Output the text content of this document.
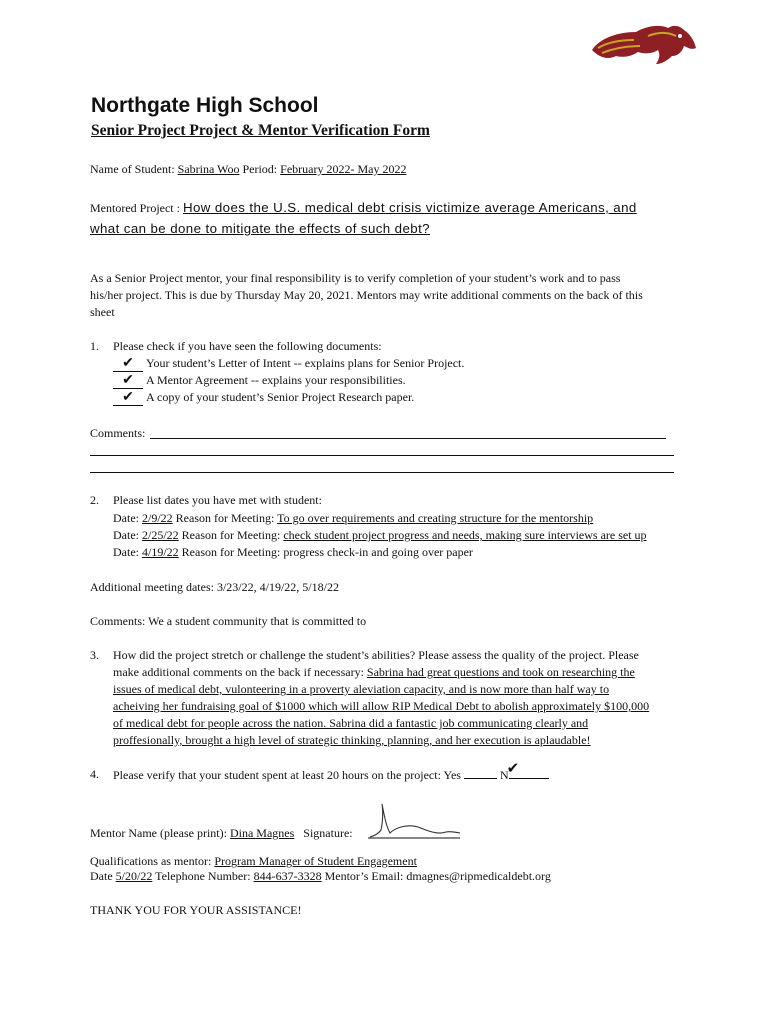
Northgate High School
Senior Project Project & Mentor Verification Form
Name of Student: Sabrina Woo Period: February 2022- May 2022
Mentored Project : How does the U.S. medical debt crisis victimize average Americans, and
what can be done to mitigate the effects of such debt?
As a Senior Project mentor, your final responsibility is to verify completion of your student’s work and to pass
his/her project. This is due by Thursday May 20, 2021. Mentors may write additional comments on the back of this
sheet
1. Please check if you have seen the following documents:
✔ Your student’s Letter of Intent -- explains plans for Senior Project.
✔ A Mentor Agreement -- explains your responsibilities.
✔ A copy of your student’s Senior Project Research paper.
Comments:
2. Please list dates you have met with student:
Date: 2/9/22 Reason for Meeting: To go over requirements and creating structure for the mentorship
Date: 2/25/22 Reason for Meeting: check student project progress and needs, making sure interviews are set up
Date: 4/19/22 Reason for Meeting: progress check-in and going over paper
Additional meeting dates: 3/23/22, 4/19/22, 5/18/22
Comments: We a student community that is committed to
3. How did the project stretch or challenge the student’s abilities? Please assess the quality of the project. Please
make additional comments on the back if necessary: Sabrina had great questions and took on researching the
issues of medical debt, vulonteering in a proverty aleviation capacity, and is now more than half way to
acheiving her fundraising goal of $1000 which will allow RIP Medical Debt to abolish approximately $100,000
of medical debt for people across the nation. Sabrina did a fantastic job communicating clearly and
proffesionally, brought a high level of strategic thinking, planning, and her execution is aplaudable!
4. Please verify that your student spent at least 20 hours on the project: Yes	N
✔
Mentor Name (please print): Dina Magnes Signature:
Qualifications as mentor: Program Manager of Student Engagement
Date 5/20/22 Telephone Number: 844-637-3328 Mentor’s Email: dmagnes@ripmedicaldebt.org
THANK YOU FOR YOUR ASSISTANCE!
